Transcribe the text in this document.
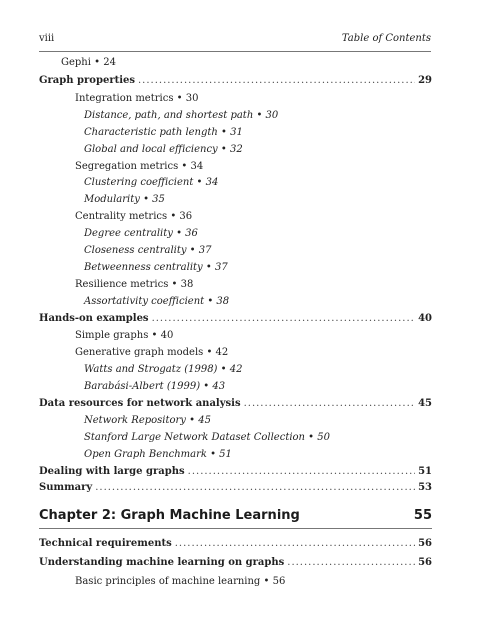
viii	Table of Contents
Gephi • 24
Graph properties .....	29
Integration metrics • 30
Distance, path, and shortest path • 30
Characteristic path length • 31
Global and local efficiency • 32
Segregation metrics • 34
Clustering coefficient • 34
Modularity • 35
Centrality metrics • 36
Degree centrality • 36
Closeness centrality • 37
Betweenness centrality • 37
Resilience metrics • 38
Assortativity coefficient • 38
Hands-on examples .....	40
Simple graphs • 40
Generative graph models • 42
Watts and Strogatz (1998) • 42
Barabási-Albert (1999) • 43
Data resources for network analysis .....	45
Network Repository • 45
Stanford Large Network Dataset Collection • 50
Open Graph Benchmark • 51
Dealing with large graphs .....	51
Summary .....	53
Chapter 2: Graph Machine Learning	55
Technical requirements .....	56
Understanding machine learning on graphs .....	56
Basic principles of machine learning • 56
